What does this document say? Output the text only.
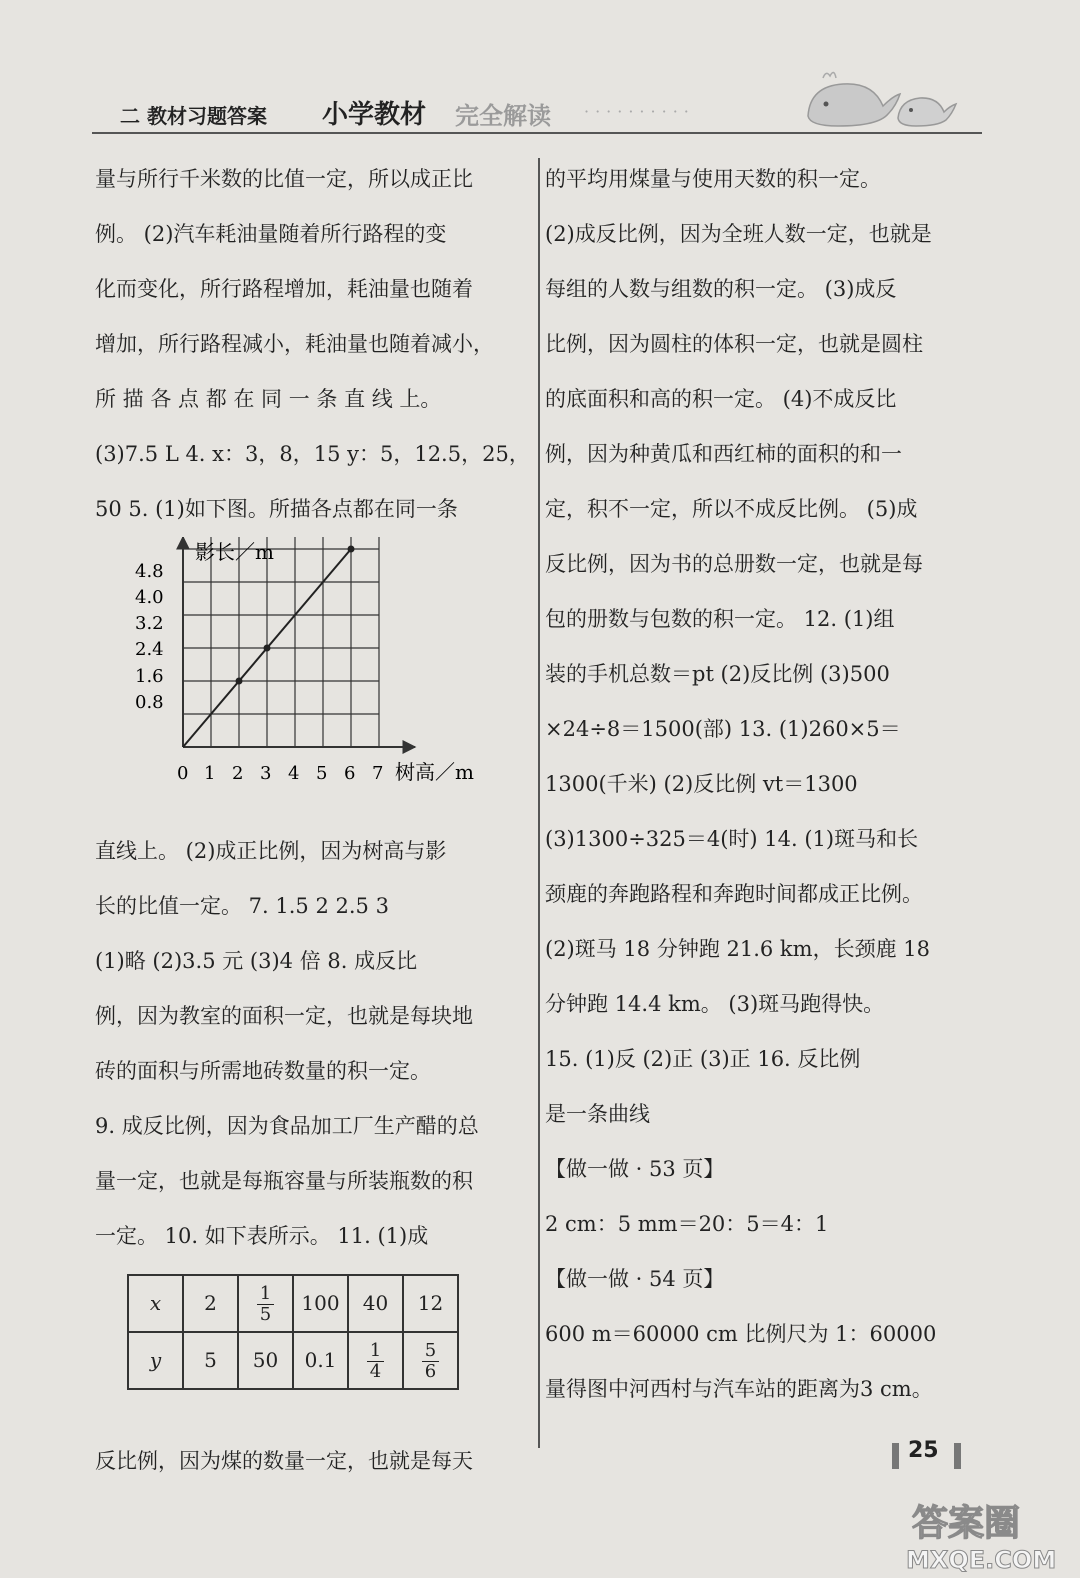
二 教材习题答案 小学教材 完全解读 ··········
量与所行千米数的比值一定，所以成正比
例。 (2)汽车耗油量随着所行路程的变
化而变化，所行路程增加，耗油量也随着
增加，所行路程减小，耗油量也随着减小，
所 描 各 点 都 在 同 一 条 直 线 上。
(3)7.5 L 4. x：3，8，15 y：5，12.5，25，
50 5. (1)如下图。所描各点都在同一条
影长／m
树高／m
4.8
4.0
3.2
2.4
1.6
0.8
0 1 2 3 4 5 6 7
直线上。 (2)成正比例，因为树高与影
长的比值一定。 7. 1.5 2 2.5 3
(1)略 (2)3.5 元 (3)4 倍 8. 成反比
例，因为教室的面积一定，也就是每块地
砖的面积与所需地砖数量的积一定。
9. 成反比例，因为食品加工厂生产醋的总
量一定，也就是每瓶容量与所装瓶数的积
一定。 10. 如下表所示。 11. (1)成
x	2	$\frac{1}{5}$	100	40	12
y	5	50	0.1	$\frac{1}{4}$	$\frac{5}{6}$
反比例，因为煤的数量一定，也就是每天
的平均用煤量与使用天数的积一定。
(2)成反比例，因为全班人数一定，也就是
每组的人数与组数的积一定。 (3)成反
比例，因为圆柱的体积一定，也就是圆柱
的底面积和高的积一定。 (4)不成反比
例，因为种黄瓜和西红柿的面积的和一
定，积不一定，所以不成反比例。 (5)成
反比例，因为书的总册数一定，也就是每
包的册数与包数的积一定。 12. (1)组
装的手机总数＝pt (2)反比例 (3)500
×24÷8＝1500(部) 13. (1)260×5＝
1300(千米) (2)反比例 vt＝1300
(3)1300÷325＝4(时) 14. (1)斑马和长
颈鹿的奔跑路程和奔跑时间都成正比例。
(2)斑马 18 分钟跑 21.6 km，长颈鹿 18
分钟跑 14.4 km。 (3)斑马跑得快。
15. (1)反 (2)正 (3)正 16. 反比例
是一条曲线
【做一做 · 53 页】
2 cm：5 mm＝20：5＝4：1
【做一做 · 54 页】
600 m＝60000 cm 比例尺为 1：60000
量得图中河西村与汽车站的距离为3 cm。
25
答案圈
MXQE.COM
